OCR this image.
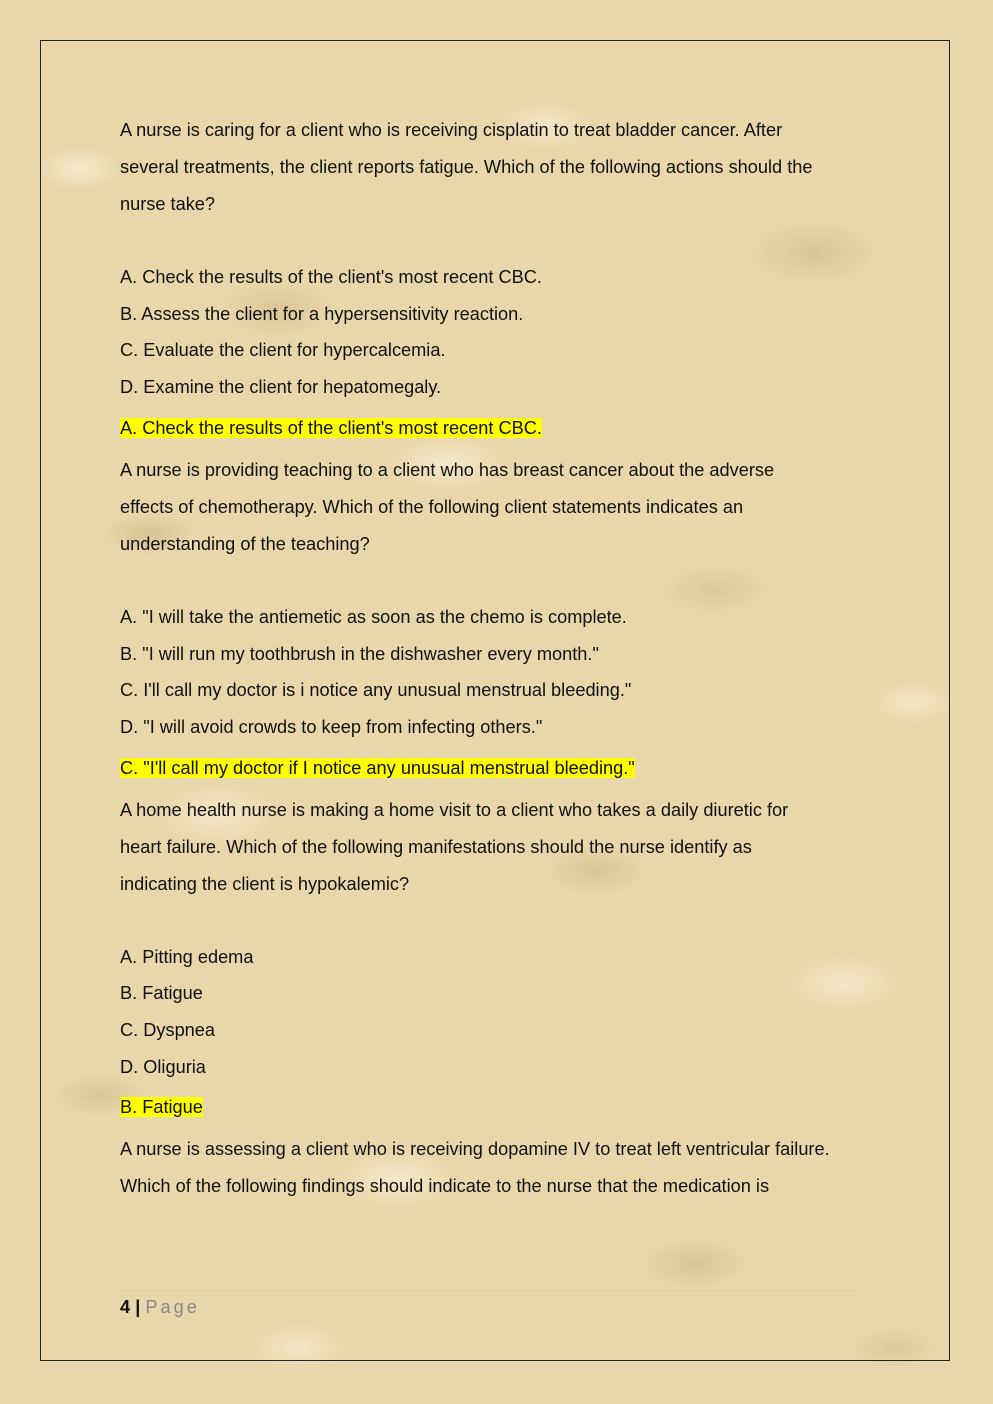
A nurse is caring for a client who is receiving cisplatin to treat bladder cancer. After

several treatments, the client reports fatigue. Which of the following actions should the

nurse take?

A. Check the results of the client's most recent CBC.

B. Assess the client for a hypersensitivity reaction.

C. Evaluate the client for hypercalcemia.

D. Examine the client for hepatomegaly.

A. Check the results of the client's most recent CBC.

A nurse is providing teaching to a client who has breast cancer about the adverse

effects of chemotherapy. Which of the following client statements indicates an

understanding of the teaching?

A. "I will take the antiemetic as soon as the chemo is complete.

B. "I will run my toothbrush in the dishwasher every month."

C. I'll call my doctor is i notice any unusual menstrual bleeding."

D. "I will avoid crowds to keep from infecting others."

C. "I'll call my doctor if I notice any unusual menstrual bleeding."

A home health nurse is making a home visit to a client who takes a daily diuretic for

heart failure. Which of the following manifestations should the nurse identify as

indicating the client is hypokalemic?

A. Pitting edema

B. Fatigue

C. Dyspnea

D. Oliguria

B. Fatigue

A nurse is assessing a client who is receiving dopamine IV to treat left ventricular failure.

Which of the following findings should indicate to the nurse that the medication is

4 | Page
